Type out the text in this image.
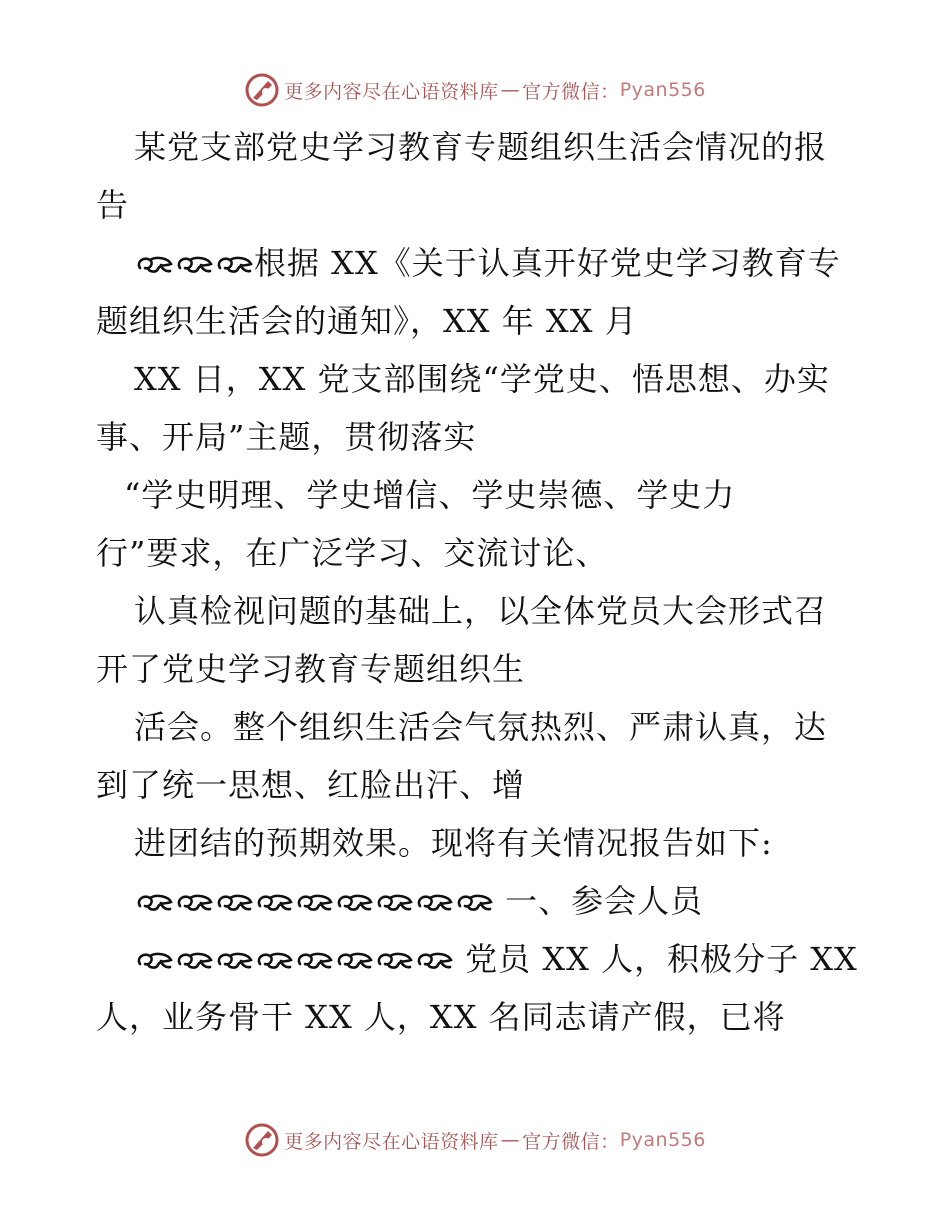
更多内容尽在心语资料库 — 官方微信： Pyan556
某党支部党史学习教育专题组织生活会情况的报
告
根据 XX《关于认真开好党史学习教育专
题组织生活会的通知》，XX 年 XX 月
XX 日，XX 党支部围绕“学党史、悟思想、办实
事、开局”主题，贯彻落实
“学史明理、学史增信、学史崇德、学史力
行”要求，在广泛学习、交流讨论、
认真检视问题的基础上，以全体党员大会形式召
开了党史学习教育专题组织生
活会。整个组织生活会气氛热烈、严肃认真，达
到了统一思想、红脸出汗、增
进团结的预期效果。现将有关情况报告如下:
一、参会人员
党员 XX 人，积极分子 XX
人，业务骨干 XX 人，XX 名同志请产假，已将
更多内容尽在心语资料库 — 官方微信： Pyan556
